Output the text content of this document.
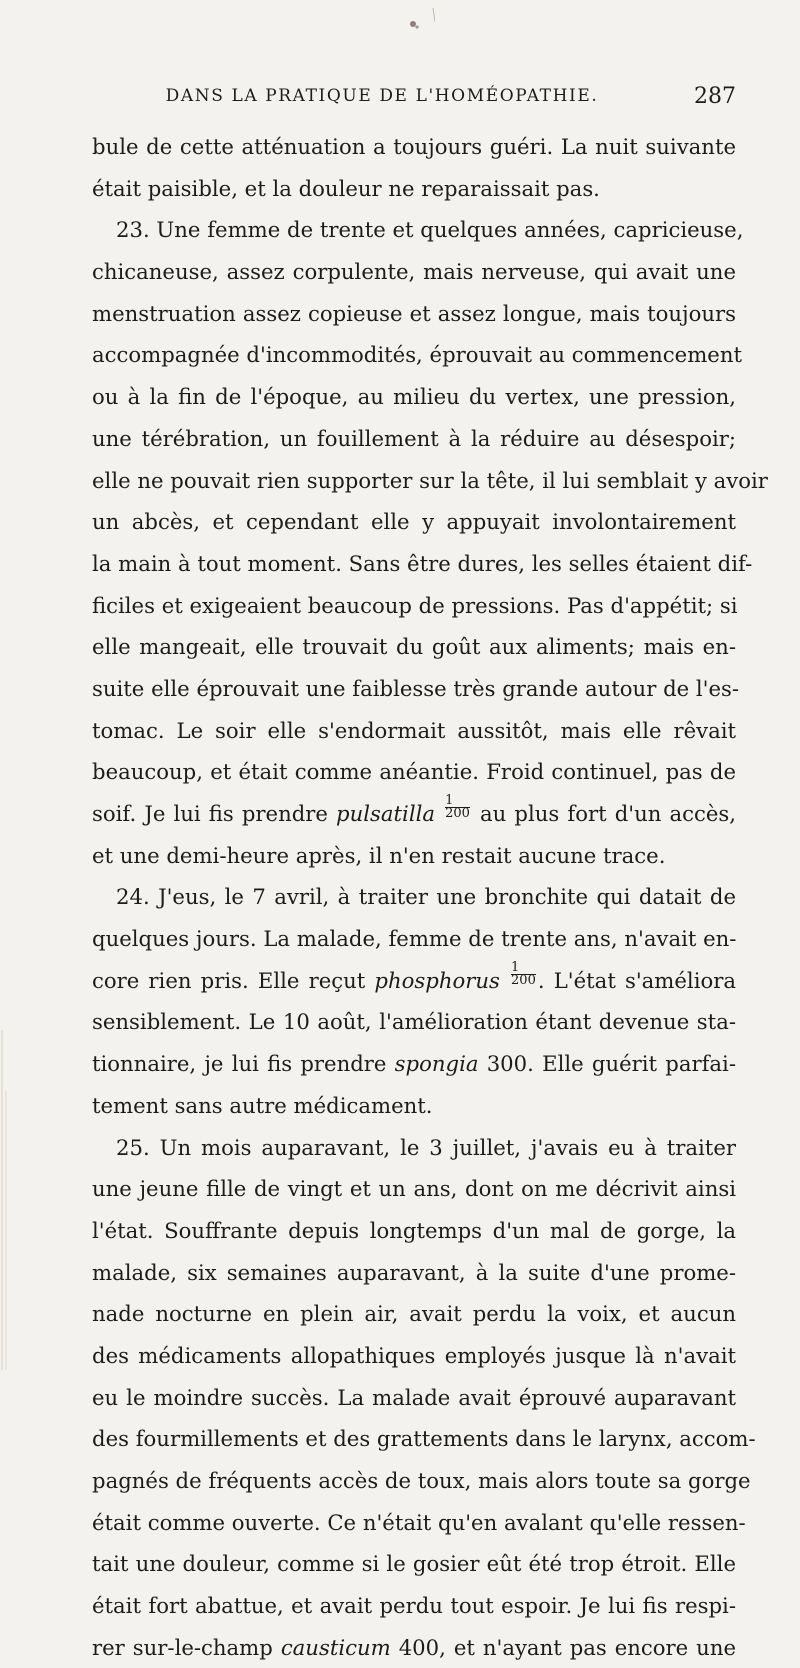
DANS LA PRATIQUE DE L'HOMÉOPATHIE.	287
bule de cette atténuation a toujours guéri. La nuit suivante
était paisible, et la douleur ne reparaissait pas.
23. Une femme de trente et quelques années, capricieuse,
chicaneuse, assez corpulente, mais nerveuse, qui avait une
menstruation assez copieuse et assez longue, mais toujours
accompagnée d'incommodités, éprouvait au commencement
ou à la fin de l'époque, au milieu du vertex, une pression,
une térébration, un fouillement à la réduire au désespoir;
elle ne pouvait rien supporter sur la tête, il lui semblait y avoir
un abcès, et cependant elle y appuyait involontairement
la main à tout moment. Sans être dures, les selles étaient dif-
ficiles et exigeaient beaucoup de pressions. Pas d'appétit; si
elle mangeait, elle trouvait du goût aux aliments; mais en-
suite elle éprouvait une faiblesse très grande autour de l'es-
tomac. Le soir elle s'endormait aussitôt, mais elle rêvait
beaucoup, et était comme anéantie. Froid continuel, pas de
soif. Je lui fis prendre pulsatilla $\frac{1}{200}$ au plus fort d'un accès,
et une demi-heure après, il n'en restait aucune trace.
24. J'eus, le 7 avril, à traiter une bronchite qui datait de
quelques jours. La malade, femme de trente ans, n'avait en-
core rien pris. Elle reçut phosphorus $\frac{1}{200}$ . L'état s'améliora
sensiblement. Le 10 août, l'amélioration étant devenue sta-
tionnaire, je lui fis prendre spongia 300. Elle guérit parfai-
tement sans autre médicament.
25. Un mois auparavant, le 3 juillet, j'avais eu à traiter
une jeune fille de vingt et un ans, dont on me décrivit ainsi
l'état. Souffrante depuis longtemps d'un mal de gorge, la
malade, six semaines auparavant, à la suite d'une prome-
nade nocturne en plein air, avait perdu la voix, et aucun
des médicaments allopathiques employés jusque là n'avait
eu le moindre succès. La malade avait éprouvé auparavant
des fourmillements et des grattements dans le larynx, accom-
pagnés de fréquents accès de toux, mais alors toute sa gorge
était comme ouverte. Ce n'était qu'en avalant qu'elle ressen-
tait une douleur, comme si le gosier eût été trop étroit. Elle
était fort abattue, et avait perdu tout espoir. Je lui fis respi-
rer sur-le-champ causticum 400, et n'ayant pas encore une
